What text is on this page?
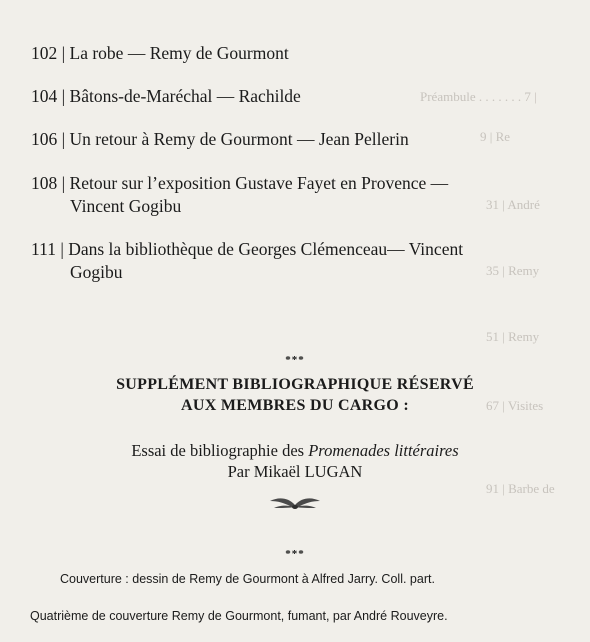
Préambule . . . . . . . 7 |
9 | Re
31 | André
35 | Remy
51 | Remy
67 | Visites
91 | Barbe de
102 | La robe — Remy de Gourmont
104 | Bâtons-de-Maréchal — Rachilde
106 | Un retour à Remy de Gourmont — Jean Pellerin
108 | Retour sur l’exposition Gustave Fayet en Provence —
Vincent Gogibu
111 | Dans la bibliothèque de Georges Clémenceau— Vincent
Gogibu
***
SUPPLÉMENT BIBLIOGRAPHIQUE RÉSERVÉ
AUX MEMBRES DU CARGO :
Essai de bibliographie des Promenades littéraires
Par Mikaël LUGAN
***
Couverture : dessin de Remy de Gourmont à Alfred Jarry. Coll. part.
Quatrième de couverture Remy de Gourmont, fumant, par André Rouveyre.
